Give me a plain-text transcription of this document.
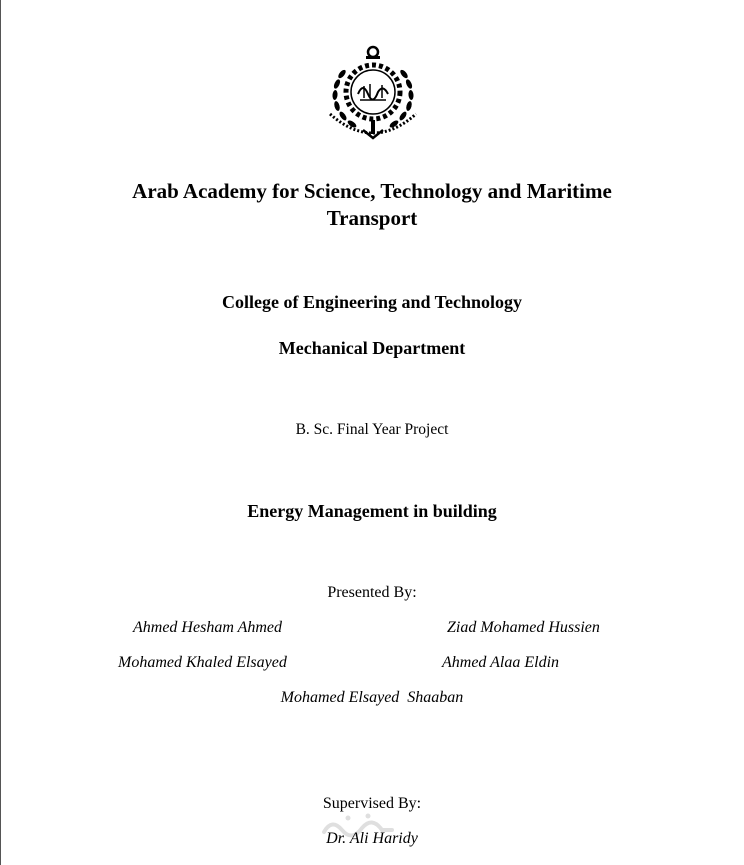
Arab Academy for Science, Technology and Maritime
Transport
College of Engineering and Technology
Mechanical Department
B. Sc. Final Year Project
Energy Management in building
Presented By:
Ahmed Hesham Ahmed	Ziad Mohamed Hussien
Mohamed Khaled Elsayed	Ahmed Alaa Eldin
Mohamed Elsayed  Shaaban
Supervised By:
Dr. Ali Haridy
